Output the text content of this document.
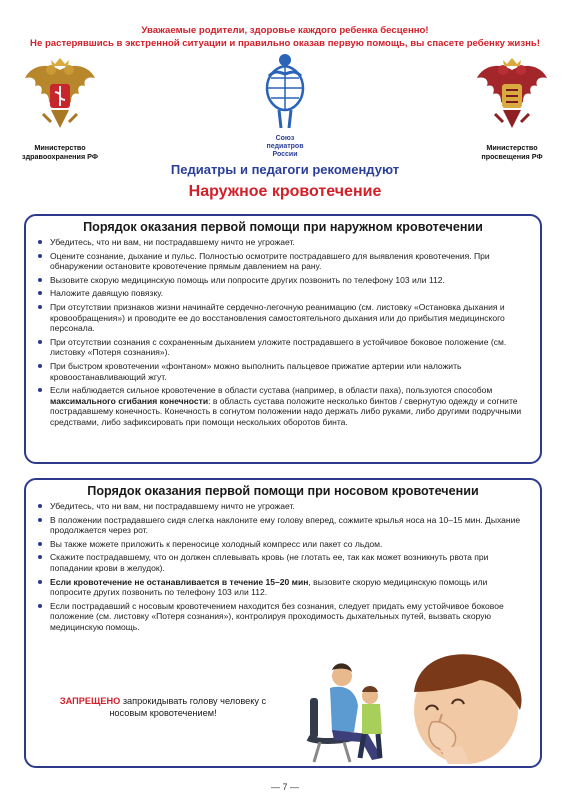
Уважаемые родители, здоровье каждого ребенка бесценно!
Не растерявшись в экстренной ситуации и правильно оказав первую помощь, вы спасете ребенку жизнь!
Министерство
здравоохранения РФ
Союз
педиатров
России
Министерство
просвещения РФ
Педиатры и педагоги рекомендуют
Наружное кровотечение
Порядок оказания первой помощи при наружном кровотечении
Убедитесь, что ни вам, ни пострадавшему ничто не угрожает.
Оцените сознание, дыхание и пульс. Полностью осмотрите пострадавшего для выявления кровотечения. При обнаружении остановите кровотечение прямым давлением на рану.
Вызовите скорую медицинскую помощь или попросите других позвонить по телефону 103 или 112.
Наложите давящую повязку.
При отсутствии признаков жизни начинайте сердечно-легочную реанимацию (см. листовку «Остановка дыхания и кровообращения») и проводите ее до восстановления самостоятельного дыхания или до прибытия медицинского персонала.
При отсутствии сознания с сохраненным дыханием уложите пострадавшего в устойчивое боковое положение (см. листовку «Потеря сознания»).
При быстром кровотечении «фонтаном» можно выполнить пальцевое прижатие артерии или наложить кровоостанавливающий жгут.
Если наблюдается сильное кровотечение в области сустава (например, в области паха), пользуются способом максимального сгибания конечности: в область сустава положите несколько бинтов / свернутую одежду и согните пострадавшему конечность. Конечность в согнутом положении надо держать либо руками, либо другими подручными средствами, либо зафиксировать при помощи нескольких оборотов бинта.
Порядок оказания первой помощи при носовом кровотечении
Убедитесь, что ни вам, ни пострадавшему ничто не угрожает.
В положении пострадавшего сидя слегка наклоните ему голову вперед, сожмите крылья носа на 10–15 мин. Дыхание продолжается через рот.
Вы также можете приложить к переносице холодный компресс или пакет со льдом.
Скажите пострадавшему, что он должен сплевывать кровь (не глотать ее, так как может возникнуть рвота при попадании крови в желудок).
Если кровотечение не останавливается в течение 15–20 мин, вызовите скорую медицинскую помощь или попросите других позвонить по телефону 103 или 112.
Если пострадавший с носовым кровотечением находится без сознания, следует придать ему устойчивое боковое положение (см. листовку «Потеря сознания»), контролируя проходимость дыхательных путей, вызвать скорую медицинскую помощь.
ЗАПРЕЩЕНО запрокидывать голову человеку с носовым кровотечением!
— 7 —
